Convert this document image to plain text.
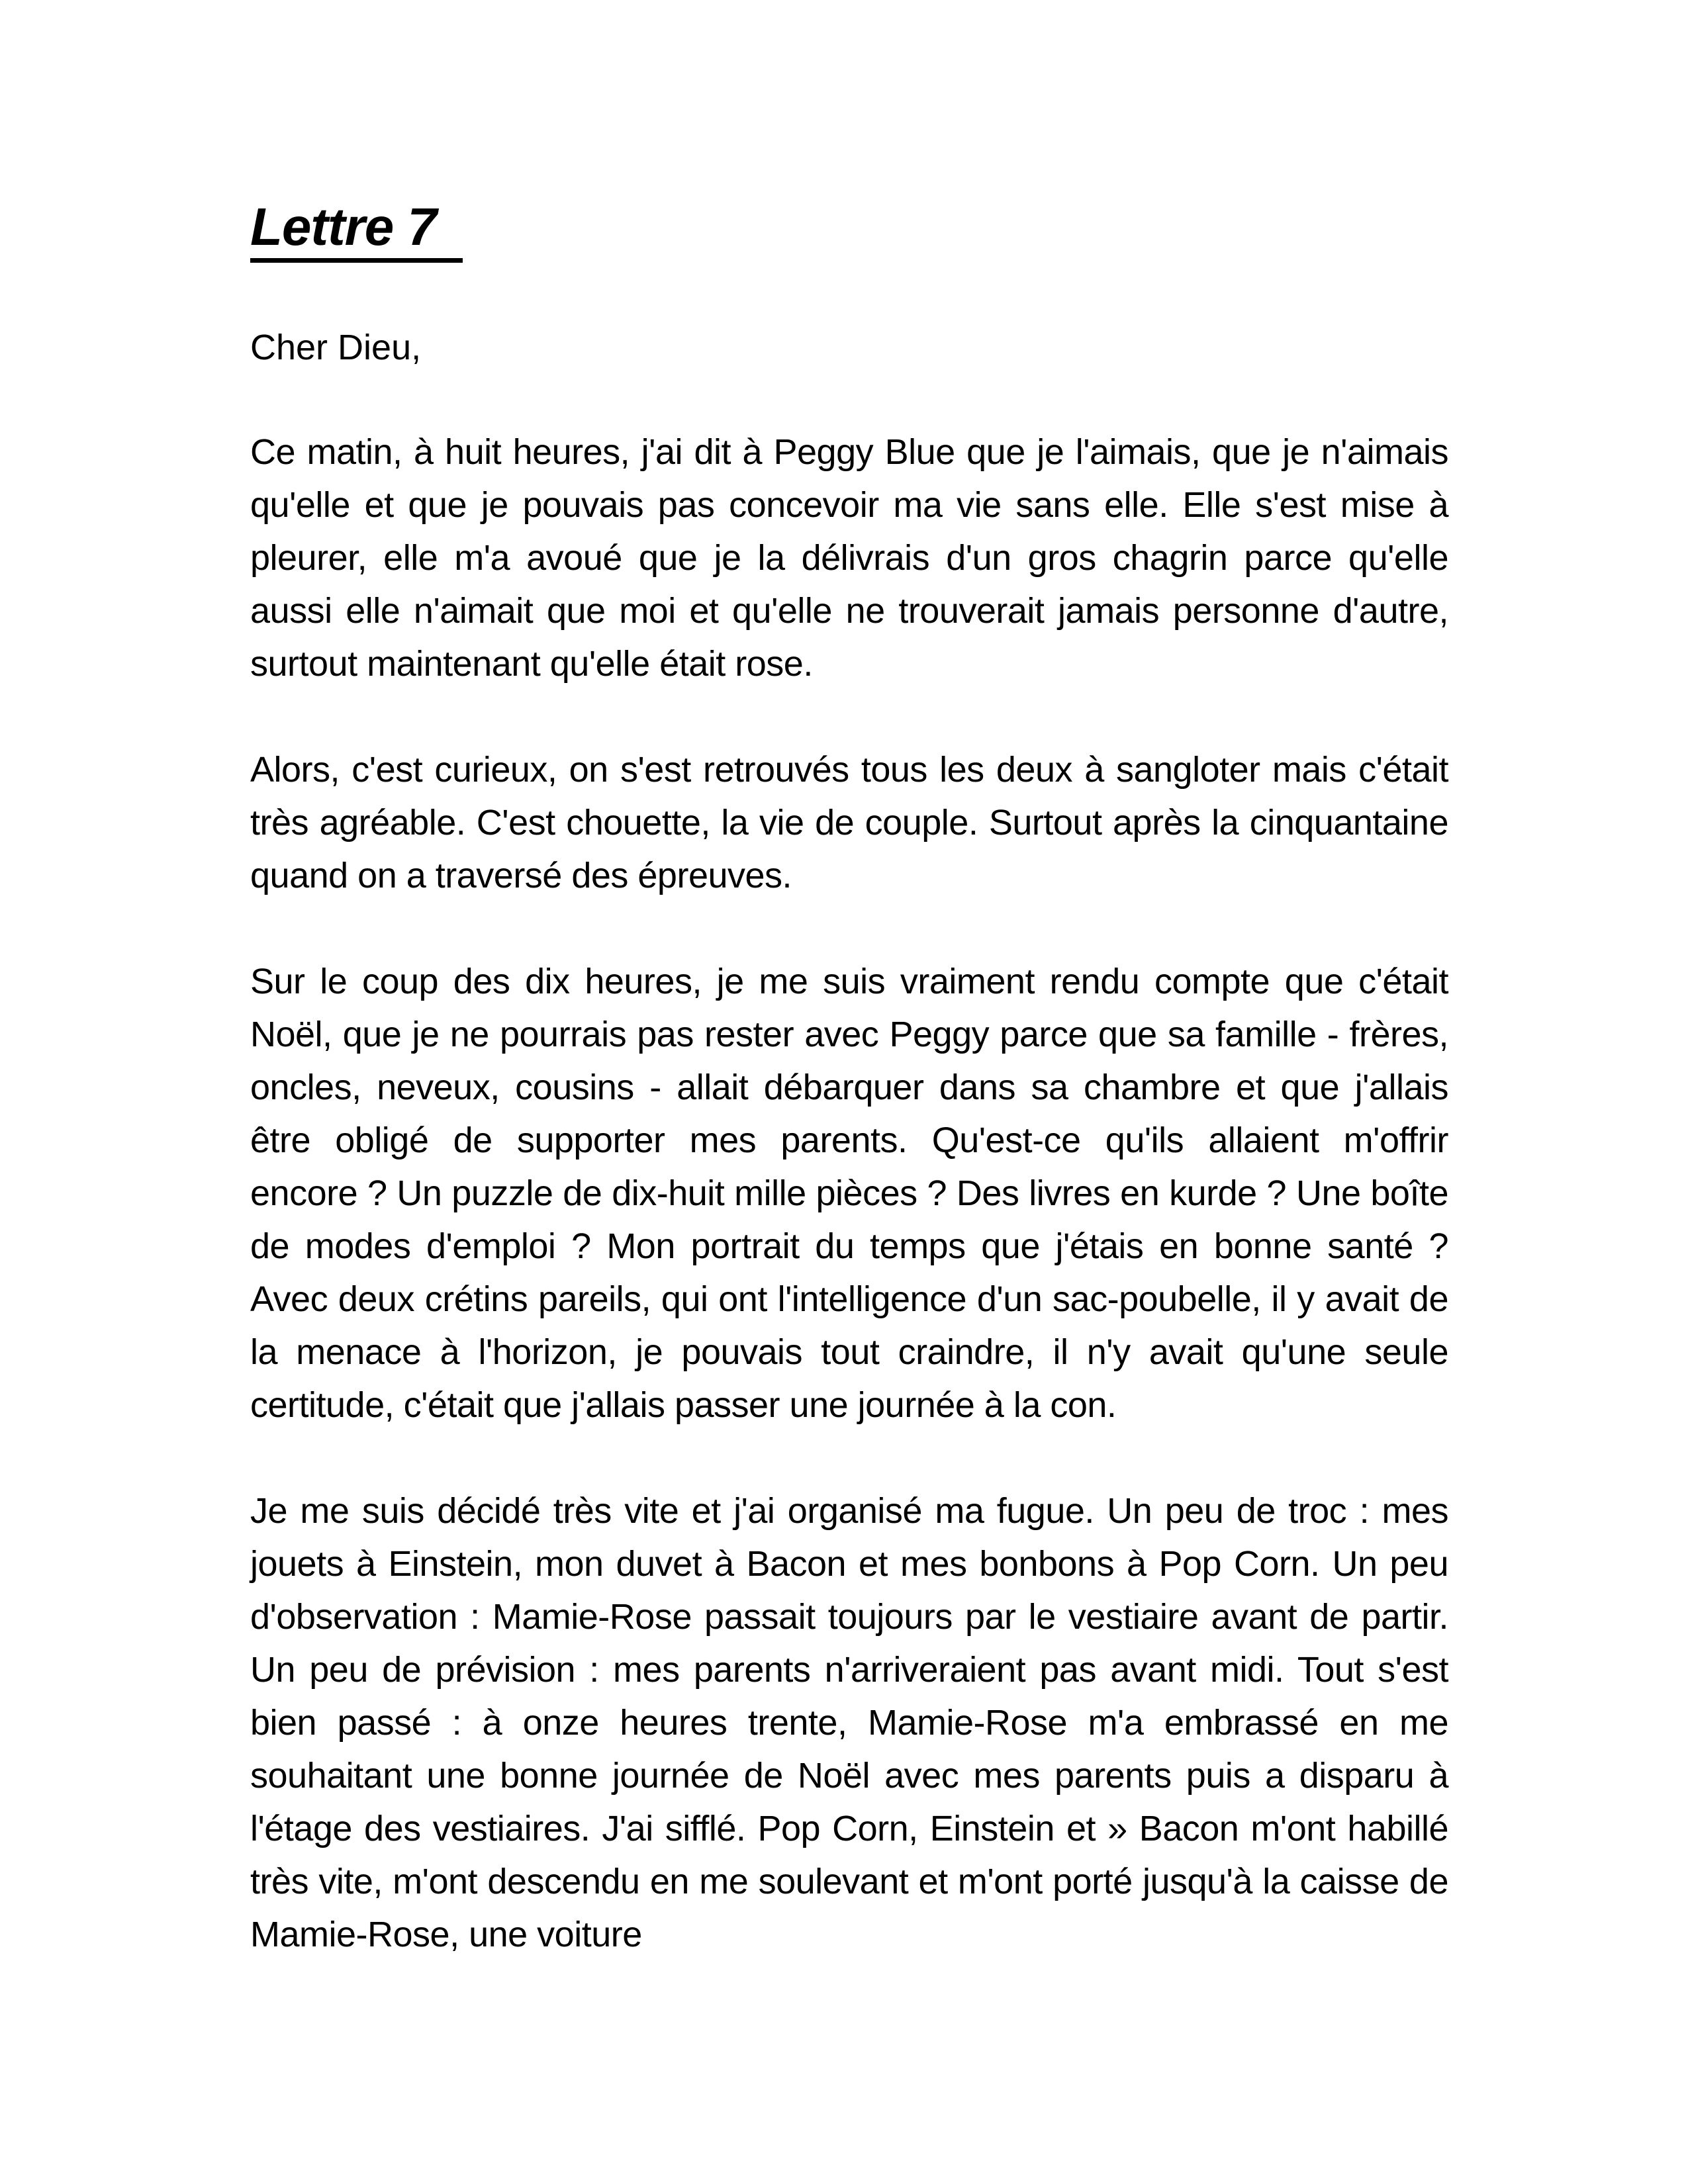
Lettre 7

Cher Dieu,

Ce matin, à huit heures, j'ai dit à Peggy Blue que je l'aimais, que je n'aimais qu'elle et que je pouvais pas concevoir ma vie sans elle. Elle s'est mise à pleurer, elle m'a avoué que je la délivrais d'un gros chagrin parce qu'elle aussi elle n'aimait que moi et qu'elle ne trouverait jamais personne d'autre, surtout maintenant qu'elle était rose.

Alors, c'est curieux, on s'est retrouvés tous les deux à sangloter mais c'était très agréable. C'est chouette, la vie de couple. Surtout après la cinquantaine quand on a traversé des épreuves.

Sur le coup des dix heures, je me suis vraiment rendu compte que c'était Noël, que je ne pourrais pas rester avec Peggy parce que sa famille - frères, oncles, neveux, cousins - allait débarquer dans sa chambre et que j'allais être obligé de supporter mes parents. Qu'est-ce qu'ils allaient m'offrir encore ? Un puzzle de dix-huit mille pièces ? Des livres en kurde ? Une boîte de modes d'emploi ? Mon portrait du temps que j'étais en bonne santé ? Avec deux crétins pareils, qui ont l'intelligence d'un sac-poubelle, il y avait de la menace à l'horizon, je pouvais tout craindre, il n'y avait qu'une seule certitude, c'était que j'allais passer une journée à la con.

Je me suis décidé très vite et j'ai organisé ma fugue. Un peu de troc : mes jouets à Einstein, mon duvet à Bacon et mes bonbons à Pop Corn. Un peu d'observation : Mamie-Rose passait toujours par le vestiaire avant de partir. Un peu de prévision : mes parents n'arriveraient pas avant midi. Tout s'est bien passé : à onze heures trente, Mamie-Rose m'a embrassé en me souhaitant une bonne journée de Noël avec mes parents puis a disparu à l'étage des vestiaires. J'ai sifflé. Pop Corn, Einstein et » Bacon m'ont habillé très vite, m'ont descendu en me soulevant et m'ont porté jusqu'à la caisse de Mamie-Rose, une voiture
